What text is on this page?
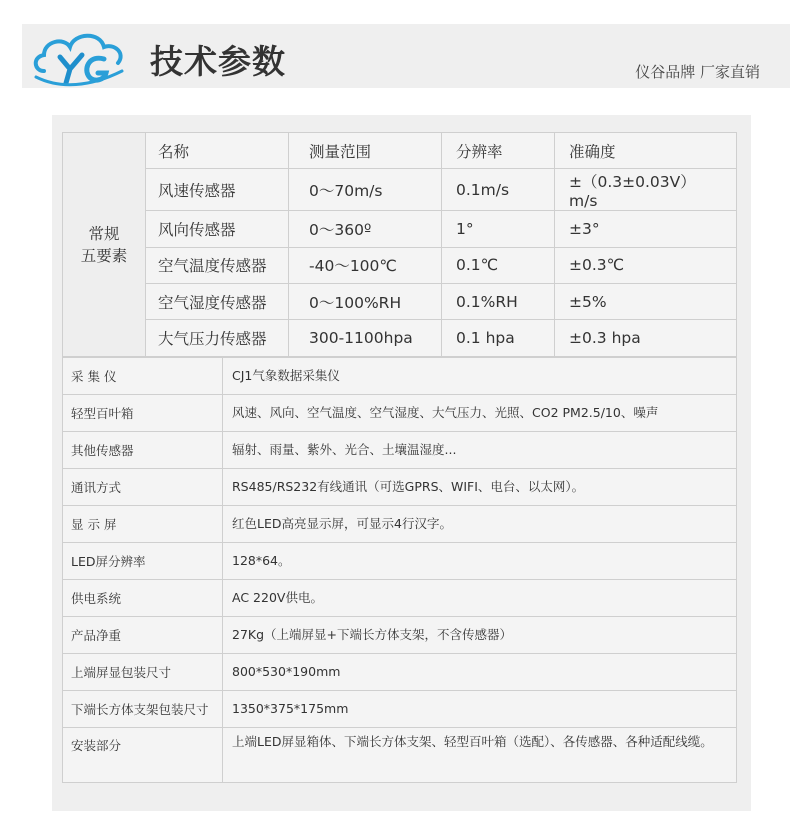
技术参数	仪谷品牌 厂家直销
常规
五要素	名称	测量范围	分辨率	准确度
	风速传感器	0～70m/s	0.1m/s	±（0.3±0.03V）m/s
	风向传感器	0～360º	1°	±3°
	空气温度传感器	-40～100℃	0.1℃	±0.3℃
	空气湿度传感器	0～100%RH	0.1%RH	±5%
	大气压力传感器	300-1100hpa	0.1 hpa	±0.3 hpa
采 集 仪	CJ1气象数据采集仪
轻型百叶箱	风速、风向、空气温度、空气湿度、大气压力、光照、CO2 PM2.5/10、噪声
其他传感器	辐射、雨量、紫外、光合、土壤温湿度...
通讯方式	RS485/RS232有线通讯（可选GPRS、WIFI、电台、以太网）。
显 示 屏	红色LED高亮显示屏，可显示4行汉字。
LED屏分辨率	128*64。
供电系统	AC 220V供电。
产品净重	27Kg（上端屏显+下端长方体支架，不含传感器）
上端屏显包装尺寸	800*530*190mm
下端长方体支架包装尺寸	1350*375*175mm
安装部分	上端LED屏显箱体、下端长方体支架、轻型百叶箱（选配）、各传感器、各种适配线缆。
